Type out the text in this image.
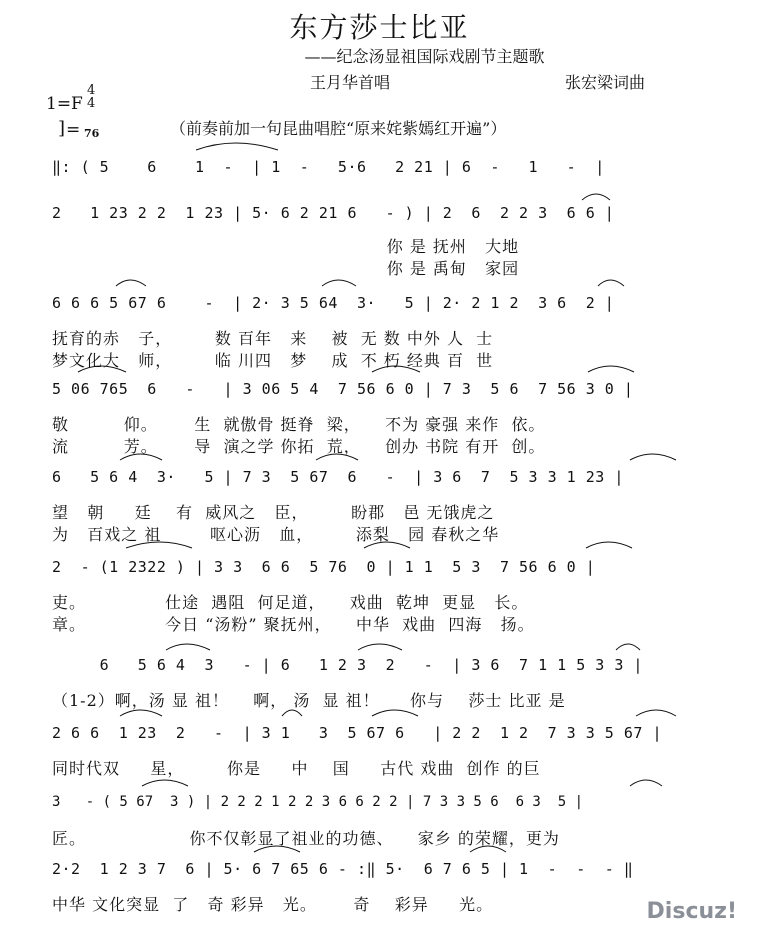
东方莎士比亚
——纪念汤显祖国际戏剧节主题歌
王月华首唱	张宏梁词曲
1=F
4
4
] = 76	（前奏前加一句昆曲唱腔“原来姹紫嫣红开遍”）
‖: ( 5    6    1  -  | 1  -   5·6   2 21 | 6  -   1   -  |
2   1 23 2 2  1 23 | 5· 6 2 21 6   - ) | 2  6  2 2 3  6 6 |
你 是 抚州   大地
你 是 禹甸   家园
6 6 6 5 67 6    -  | 2· 3 5 64  3·   5 | 2· 2 1 2  3 6  2 |
抚育的赤   子，       数 百年   来    被  无 数 中外 人  士
梦文化大   师，       临 川四   梦    成  不 朽 经典 百  世
5 06 765  6   -   | 3 06 5 4  7 56 6 0 | 7 3  5 6  7 56 3 0 |
敬         仰。      生  就傲骨 挺脊  梁，    不为 豪强 来作  依。
流         芳。      导  演之学 你拓  荒，    创办 书院 有开  创。
6   5 6 4  3·   5 | 7 3  5 67  6   -  | 3 6  7  5 3 3 1 23 |
望   朝     廷    有  威风之   臣，       盼郡   邑 无饿虎之
为   百戏之 祖        呕心沥   血，       添梨   园 春秋之华
2  - (1 2322 ) | 3 3  6 6  5 76  0 | 1 1  5 3  7 56 6 0 |
吏。             仕途  遇阻  何足道，    戏曲  乾坤  更显   长。
章。             今日 “汤粉” 聚抚州，    中华  戏曲  四海   扬。
6   5 6 4  3   - | 6   1 2 3  2   -  | 3 6  7 1 1 5 3 3 |
（1-2）啊，汤 显 祖！    啊， 汤  显 祖！     你与    莎士 比亚 是
2 6 6  1 23  2   -  | 3 1   3  5 67 6   | 2 2  1 2  7 3 3 5 67 |
同时代双     星，       你是     中    国     古代 戏曲  创作 的巨
3   - ( 5 67  3 ) | 2 2 2 1 2 2 3 6 6 2 2 | 7 3 3 5 6  6 3  5 |
匠。                 你不仅彰显了祖业的功德、    家乡 的荣耀，更为
2·2  1 2 3 7  6 | 5· 6 7 65 6 - :‖ 5·  6 7 6 5 | 1  -  -  - ‖
中华 文化突显  了   奇 彩异   光。      奇    彩异     光。	Discuz!
